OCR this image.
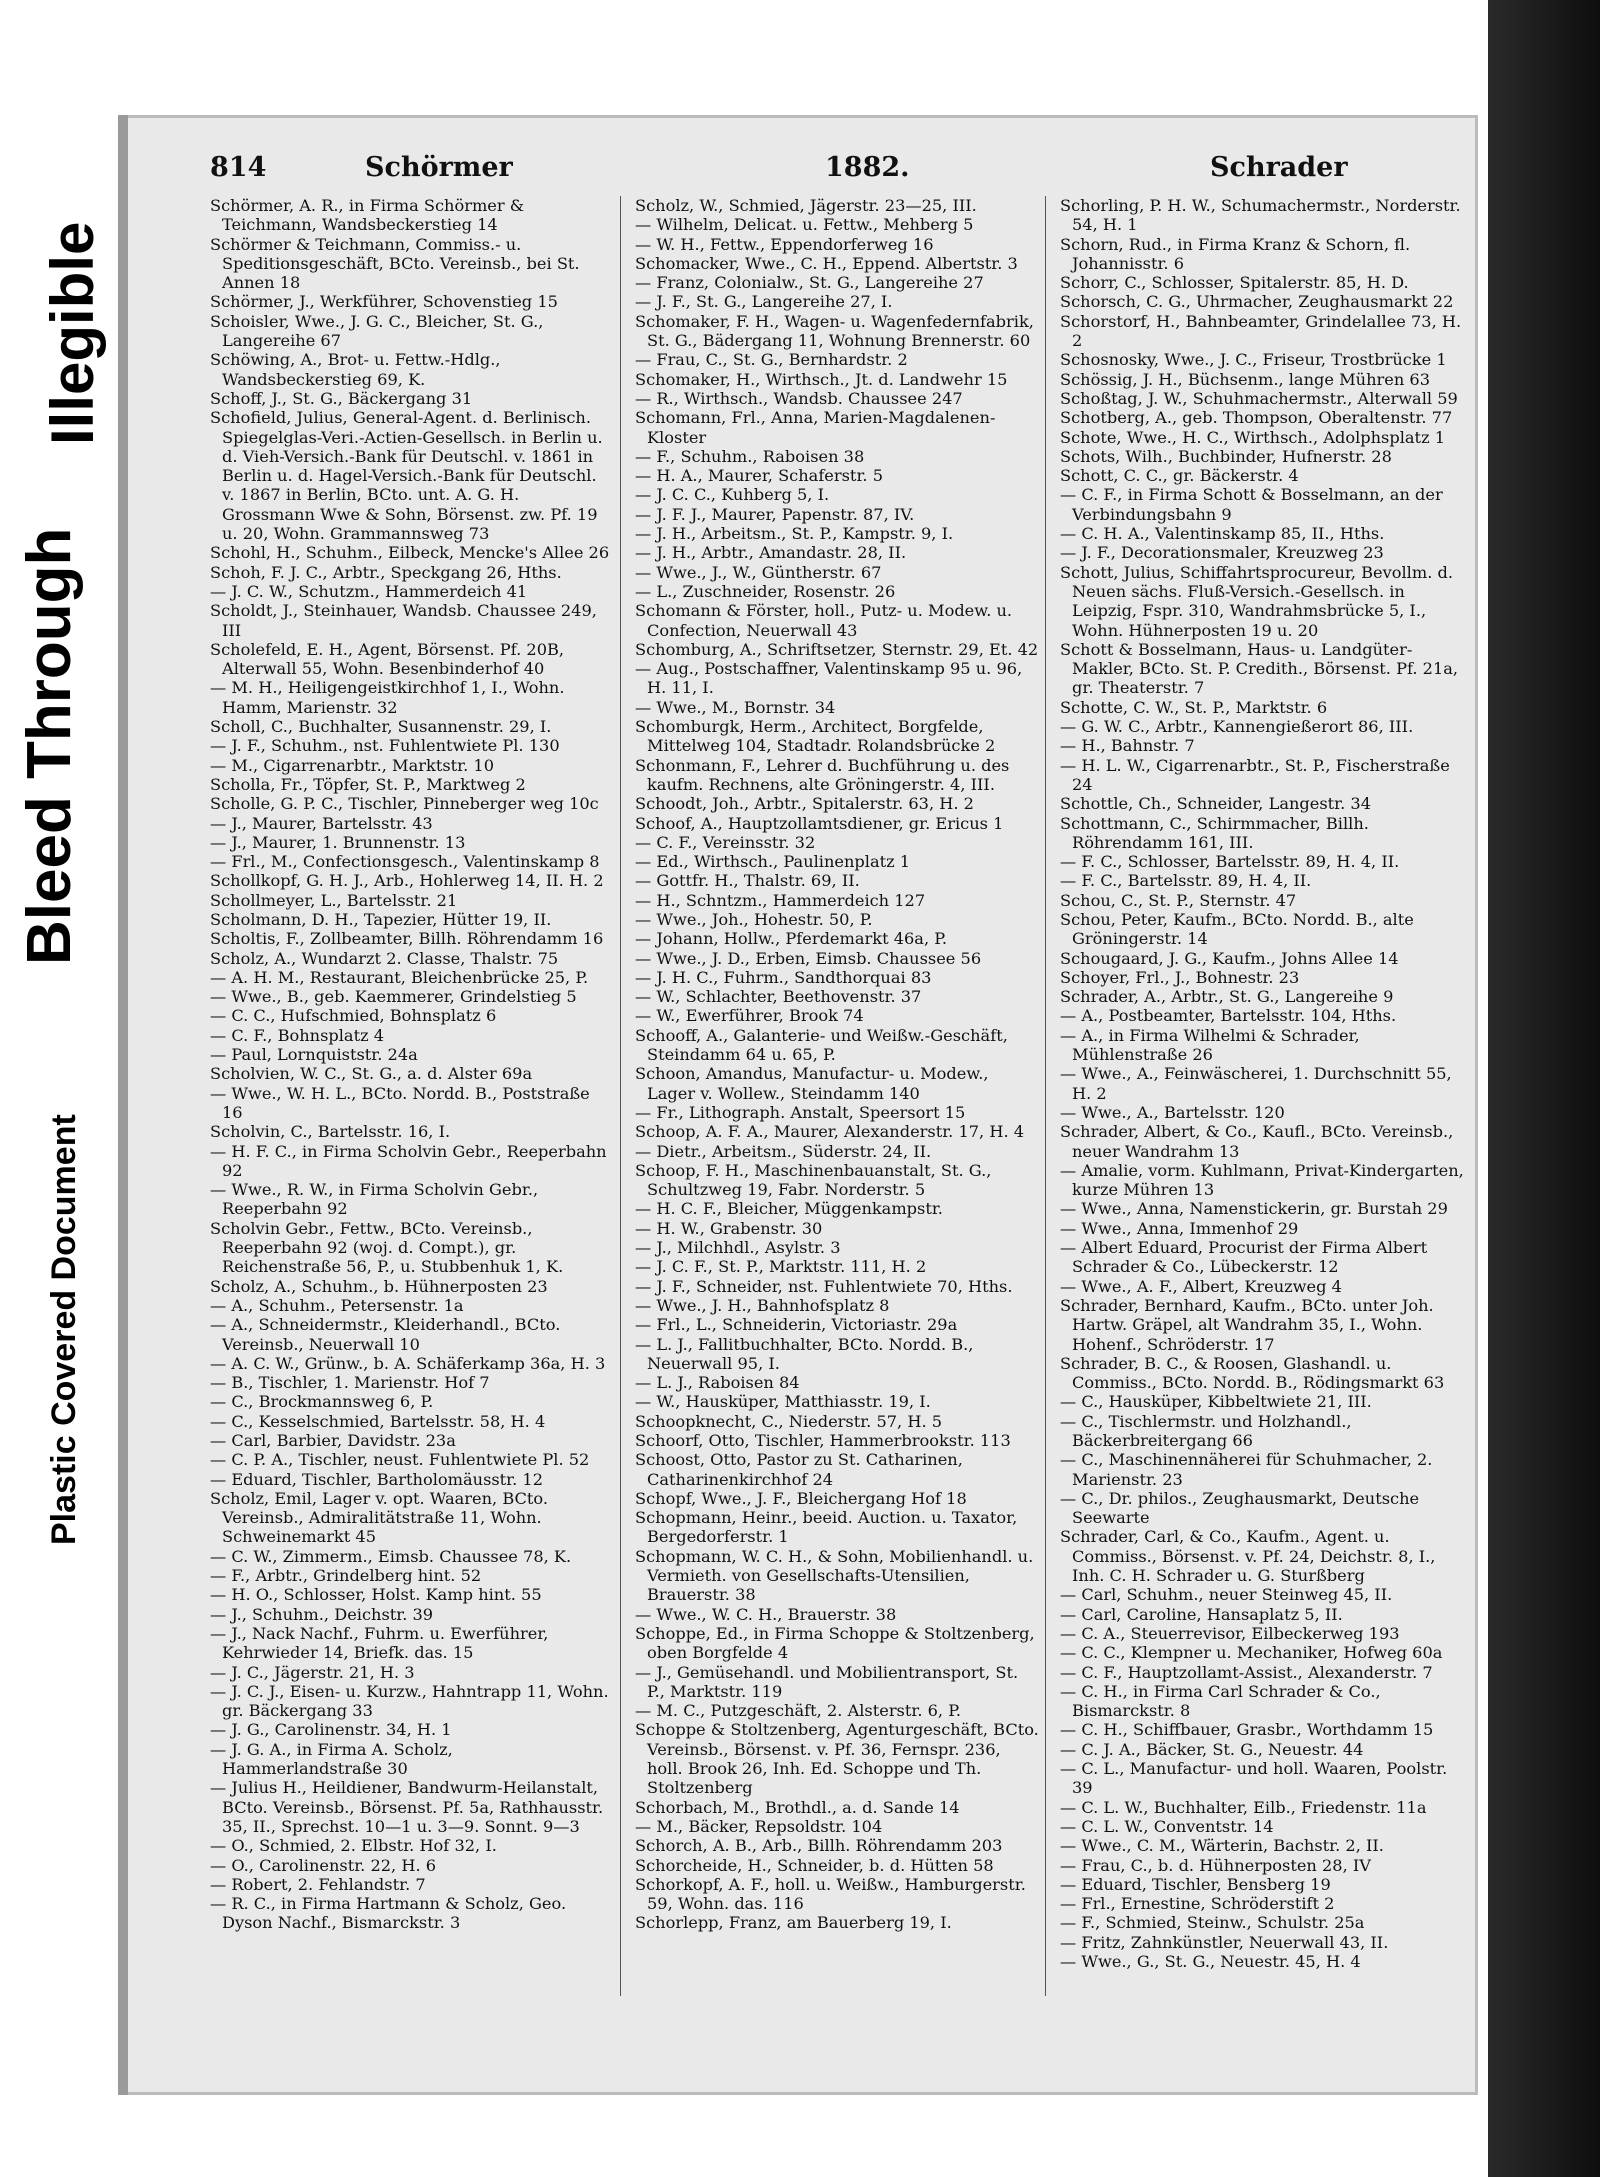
Illegible
Bleed Through
Plastic Covered Document
814	Schörmer	1882.	Schrader

Schörmer, A. R., in Firma Schörmer & Teichmann, Wandsbeckerstieg 14

Schörmer & Teichmann, Commiss.- u. Speditionsgeschäft, BCto. Vereinsb., bei St. Annen 18

Schörmer, J., Werkführer, Schovenstieg 15

Schoisler, Wwe., J. G. C., Bleicher, St. G., Langereihe 67

Schöwing, A., Brot- u. Fettw.-Hdlg., Wandsbeckerstieg 69, K.

Schoff, J., St. G., Bäckergang 31

Schofield, Julius, General-Agent. d. Berlinisch. Spiegelglas-Veri.-Actien-Gesellsch. in Berlin u. d. Vieh-Versich.-Bank für Deutschl. v. 1861 in Berlin u. d. Hagel-Versich.-Bank für Deutschl. v. 1867 in Berlin, BCto. unt. A. G. H. Grossmann Wwe & Sohn, Börsenst. zw. Pf. 19 u. 20, Wohn. Grammannsweg 73

Schohl, H., Schuhm., Eilbeck, Mencke's Allee 26

Schoh, F. J. C., Arbtr., Speckgang 26, Hths.

— J. C. W., Schutzm., Hammerdeich 41

Scholdt, J., Steinhauer, Wandsb. Chaussee 249, III

Scholefeld, E. H., Agent, Börsenst. Pf. 20B, Alterwall 55, Wohn. Besenbinderhof 40

— M. H., Heiligengeistkirchhof 1, I., Wohn. Hamm, Marienstr. 32

Scholl, C., Buchhalter, Susannenstr. 29, I.

— J. F., Schuhm., nst. Fuhlentwiete Pl. 130

— M., Cigarrenarbtr., Marktstr. 10

Scholla, Fr., Töpfer, St. P., Marktweg 2

Scholle, G. P. C., Tischler, Pinneberger weg 10c

— J., Maurer, Bartelsstr. 43

— J., Maurer, 1. Brunnenstr. 13

— Frl., M., Confectionsgesch., Valentinskamp 8

Schollkopf, G. H. J., Arb., Hohlerweg 14, II. H. 2

Schollmeyer, L., Bartelsstr. 21

Scholmann, D. H., Tapezier, Hütter 19, II.

Scholtis, F., Zollbeamter, Billh. Röhrendamm 16

Scholz, A., Wundarzt 2. Classe, Thalstr. 75

— A. H. M., Restaurant, Bleichenbrücke 25, P.

— Wwe., B., geb. Kaemmerer, Grindelstieg 5

— C. C., Hufschmied, Bohnsplatz 6

— C. F., Bohnsplatz 4

— Paul, Lornquiststr. 24a

Scholvien, W. C., St. G., a. d. Alster 69a

— Wwe., W. H. L., BCto. Nordd. B., Poststraße 16

Scholvin, C., Bartelsstr. 16, I.

— H. F. C., in Firma Scholvin Gebr., Reeperbahn 92

— Wwe., R. W., in Firma Scholvin Gebr., Reeperbahn 92

Scholvin Gebr., Fettw., BCto. Vereinsb., Reeperbahn 92 (woj. d. Compt.), gr. Reichenstraße 56, P., u. Stubbenhuk 1, K.

Scholz, A., Schuhm., b. Hühnerposten 23

— A., Schuhm., Petersenstr. 1a

— A., Schneidermstr., Kleiderhandl., BCto. Vereinsb., Neuerwall 10

— A. C. W., Grünw., b. A. Schäferkamp 36a, H. 3

— B., Tischler, 1. Marienstr. Hof 7

— C., Brockmannsweg 6, P.

— C., Kesselschmied, Bartelsstr. 58, H. 4

— Carl, Barbier, Davidstr. 23a

— C. P. A., Tischler, neust. Fuhlentwiete Pl. 52

— Eduard, Tischler, Bartholomäusstr. 12

Scholz, Emil, Lager v. opt. Waaren, BCto. Vereinsb., Admiralitätstraße 11, Wohn. Schweinemarkt 45

— C. W., Zimmerm., Eimsb. Chaussee 78, K.

— F., Arbtr., Grindelberg hint. 52

— H. O., Schlosser, Holst. Kamp hint. 55

— J., Schuhm., Deichstr. 39

— J., Nack Nachf., Fuhrm. u. Ewerführer, Kehrwieder 14, Briefk. das. 15

— J. C., Jägerstr. 21, H. 3

— J. C. J., Eisen- u. Kurzw., Hahntrapp 11, Wohn. gr. Bäckergang 33

— J. G., Carolinenstr. 34, H. 1

— J. G. A., in Firma A. Scholz, Hammerlandstraße 30

— Julius H., Heildiener, Bandwurm-Heilanstalt, BCto. Vereinsb., Börsenst. Pf. 5a, Rathhausstr. 35, II., Sprechst. 10—1 u. 3—9. Sonnt. 9—3

— O., Schmied, 2. Elbstr. Hof 32, I.

— O., Carolinenstr. 22, H. 6

— Robert, 2. Fehlandstr. 7

— R. C., in Firma Hartmann & Scholz, Geo. Dyson Nachf., Bismarckstr. 3

Scholz, W., Schmied, Jägerstr. 23—25, III.

— Wilhelm, Delicat. u. Fettw., Mehberg 5

— W. H., Fettw., Eppendorferweg 16

Schomacker, Wwe., C. H., Eppend. Albertstr. 3

— Franz, Colonialw., St. G., Langereihe 27

— J. F., St. G., Langereihe 27, I.

Schomaker, F. H., Wagen- u. Wagenfedernfabrik, St. G., Bädergang 11, Wohnung Brennerstr. 60

— Frau, C., St. G., Bernhardstr. 2

Schomaker, H., Wirthsch., Jt. d. Landwehr 15

— R., Wirthsch., Wandsb. Chaussee 247

Schomann, Frl., Anna, Marien-Magdalenen-Kloster

— F., Schuhm., Raboisen 38

— H. A., Maurer, Schaferstr. 5

— J. C. C., Kuhberg 5, I.

— J. F. J., Maurer, Papenstr. 87, IV.

— J. H., Arbeitsm., St. P., Kampstr. 9, I.

— J. H., Arbtr., Amandastr. 28, II.

— Wwe., J., W., Güntherstr. 67

— L., Zuschneider, Rosenstr. 26

Schomann & Förster, holl., Putz- u. Modew. u. Confection, Neuerwall 43

Schomburg, A., Schriftsetzer, Sternstr. 29, Et. 42

— Aug., Postschaffner, Valentinskamp 95 u. 96, H. 11, I.

— Wwe., M., Bornstr. 34

Schomburgk, Herm., Architect, Borgfelde, Mittelweg 104, Stadtadr. Rolandsbrücke 2

Schonmann, F., Lehrer d. Buchführung u. des kaufm. Rechnens, alte Gröningerstr. 4, III.

Schoodt, Joh., Arbtr., Spitalerstr. 63, H. 2

Schoof, A., Hauptzollamtsdiener, gr. Ericus 1

— C. F., Vereinsstr. 32

— Ed., Wirthsch., Paulinenplatz 1

— Gottfr. H., Thalstr. 69, II.

— H., Schntzm., Hammerdeich 127

— Wwe., Joh., Hohestr. 50, P.

— Johann, Hollw., Pferdemarkt 46a, P.

— Wwe., J. D., Erben, Eimsb. Chaussee 56

— J. H. C., Fuhrm., Sandthorquai 83

— W., Schlachter, Beethovenstr. 37

— W., Ewerführer, Brook 74

Schooff, A., Galanterie- und Weißw.-Geschäft, Steindamm 64 u. 65, P.

Schoon, Amandus, Manufactur- u. Modew., Lager v. Wollew., Steindamm 140

— Fr., Lithograph. Anstalt, Speersort 15

Schoop, A. F. A., Maurer, Alexanderstr. 17, H. 4

— Dietr., Arbeitsm., Süderstr. 24, II.

Schoop, F. H., Maschinenbauanstalt, St. G., Schultzweg 19, Fabr. Norderstr. 5

— H. C. F., Bleicher, Müggenkampstr.

— H. W., Grabenstr. 30

— J., Milchhdl., Asylstr. 3

— J. C. F., St. P., Marktstr. 111, H. 2

— J. F., Schneider, nst. Fuhlentwiete 70, Hths.

— Wwe., J. H., Bahnhofsplatz 8

— Frl., L., Schneiderin, Victoriastr. 29a

— L. J., Fallitbuchhalter, BCto. Nordd. B., Neuerwall 95, I.

— L. J., Raboisen 84

— W., Hausküper, Matthiasstr. 19, I.

Schoopknecht, C., Niederstr. 57, H. 5

Schoorf, Otto, Tischler, Hammerbrookstr. 113

Schoost, Otto, Pastor zu St. Catharinen, Catharinenkirchhof 24

Schopf, Wwe., J. F., Bleichergang Hof 18

Schopmann, Heinr., beeid. Auction. u. Taxator, Bergedorferstr. 1

Schopmann, W. C. H., & Sohn, Mobilienhandl. u. Vermieth. von Gesellschafts-Utensilien, Brauerstr. 38

— Wwe., W. C. H., Brauerstr. 38

Schoppe, Ed., in Firma Schoppe & Stoltzenberg, oben Borgfelde 4

— J., Gemüsehandl. und Mobilientransport, St. P., Marktstr. 119

— M. C., Putzgeschäft, 2. Alsterstr. 6, P.

Schoppe & Stoltzenberg, Agenturgeschäft, BCto. Vereinsb., Börsenst. v. Pf. 36, Fernspr. 236, holl. Brook 26, Inh. Ed. Schoppe und Th. Stoltzenberg

Schorbach, M., Brothdl., a. d. Sande 14

— M., Bäcker, Repsoldstr. 104

Schorch, A. B., Arb., Billh. Röhrendamm 203

Schorcheide, H., Schneider, b. d. Hütten 58

Schorkopf, A. F., holl. u. Weißw., Hamburgerstr. 59, Wohn. das. 116

Schorlepp, Franz, am Bauerberg 19, I.

Schorling, P. H. W., Schumachermstr., Norderstr. 54, H. 1

Schorn, Rud., in Firma Kranz & Schorn, fl. Johannisstr. 6

Schorr, C., Schlosser, Spitalerstr. 85, H. D.

Schorsch, C. G., Uhrmacher, Zeughausmarkt 22

Schorstorf, H., Bahnbeamter, Grindelallee 73, H. 2

Schosnosky, Wwe., J. C., Friseur, Trostbrücke 1

Schössig, J. H., Büchsenm., lange Mühren 63

Schoßtag, J. W., Schuhmachermstr., Alterwall 59

Schotberg, A., geb. Thompson, Oberaltenstr. 77

Schote, Wwe., H. C., Wirthsch., Adolphsplatz 1

Schots, Wilh., Buchbinder, Hufnerstr. 28

Schott, C. C., gr. Bäckerstr. 4

— C. F., in Firma Schott & Bosselmann, an der Verbindungsbahn 9

— C. H. A., Valentinskamp 85, II., Hths.

— J. F., Decorationsmaler, Kreuzweg 23

Schott, Julius, Schiffahrtsprocureur, Bevollm. d. Neuen sächs. Fluß-Versich.-Gesellsch. in Leipzig, Fspr. 310, Wandrahmsbrücke 5, I., Wohn. Hühnerposten 19 u. 20

Schott & Bosselmann, Haus- u. Landgüter-Makler, BCto. St. P. Credith., Börsenst. Pf. 21a, gr. Theaterstr. 7

Schotte, C. W., St. P., Marktstr. 6

— G. W. C., Arbtr., Kannengießerort 86, III.

— H., Bahnstr. 7

— H. L. W., Cigarrenarbtr., St. P., Fischerstraße 24

Schottle, Ch., Schneider, Langestr. 34

Schottmann, C., Schirmmacher, Billh. Röhrendamm 161, III.

— F. C., Schlosser, Bartelsstr. 89, H. 4, II.

— F. C., Bartelsstr. 89, H. 4, II.

Schou, C., St. P., Sternstr. 47

Schou, Peter, Kaufm., BCto. Nordd. B., alte Gröningerstr. 14

Schougaard, J. G., Kaufm., Johns Allee 14

Schoyer, Frl., J., Bohnestr. 23

Schrader, A., Arbtr., St. G., Langereihe 9

— A., Postbeamter, Bartelsstr. 104, Hths.

— A., in Firma Wilhelmi & Schrader, Mühlenstraße 26

— Wwe., A., Feinwäscherei, 1. Durchschnitt 55, H. 2

— Wwe., A., Bartelsstr. 120

Schrader, Albert, & Co., Kaufl., BCto. Vereinsb., neuer Wandrahm 13

— Amalie, vorm. Kuhlmann, Privat-Kindergarten, kurze Mühren 13

— Wwe., Anna, Namenstickerin, gr. Burstah 29

— Wwe., Anna, Immenhof 29

— Albert Eduard, Procurist der Firma Albert Schrader & Co., Lübeckerstr. 12

— Wwe., A. F., Albert, Kreuzweg 4

Schrader, Bernhard, Kaufm., BCto. unter Joh. Hartw. Gräpel, alt Wandrahm 35, I., Wohn. Hohenf., Schröderstr. 17

Schrader, B. C., & Roosen, Glashandl. u. Commiss., BCto. Nordd. B., Rödingsmarkt 63

— C., Hausküper, Kibbeltwiete 21, III.

— C., Tischlermstr. und Holzhandl., Bäckerbreitergang 66

— C., Maschinennäherei für Schuhmacher, 2. Marienstr. 23

— C., Dr. philos., Zeughausmarkt, Deutsche Seewarte

Schrader, Carl, & Co., Kaufm., Agent. u. Commiss., Börsenst. v. Pf. 24, Deichstr. 8, I., Inh. C. H. Schrader u. G. Sturßberg

— Carl, Schuhm., neuer Steinweg 45, II.

— Carl, Caroline, Hansaplatz 5, II.

— C. A., Steuerrevisor, Eilbeckerweg 193

— C. C., Klempner u. Mechaniker, Hofweg 60a

— C. F., Hauptzollamt-Assist., Alexanderstr. 7

— C. H., in Firma Carl Schrader & Co., Bismarckstr. 8

— C. H., Schiffbauer, Grasbr., Worthdamm 15

— C. J. A., Bäcker, St. G., Neuestr. 44

— C. L., Manufactur- und holl. Waaren, Poolstr. 39

— C. L. W., Buchhalter, Eilb., Friedenstr. 11a

— C. L. W., Conventstr. 14

— Wwe., C. M., Wärterin, Bachstr. 2, II.

— Frau, C., b. d. Hühnerposten 28, IV

— Eduard, Tischler, Bensberg 19

— Frl., Ernestine, Schröderstift 2

— F., Schmied, Steinw., Schulstr. 25a

— Fritz, Zahnkünstler, Neuerwall 43, II.

— Wwe., G., St. G., Neuestr. 45, H. 4
